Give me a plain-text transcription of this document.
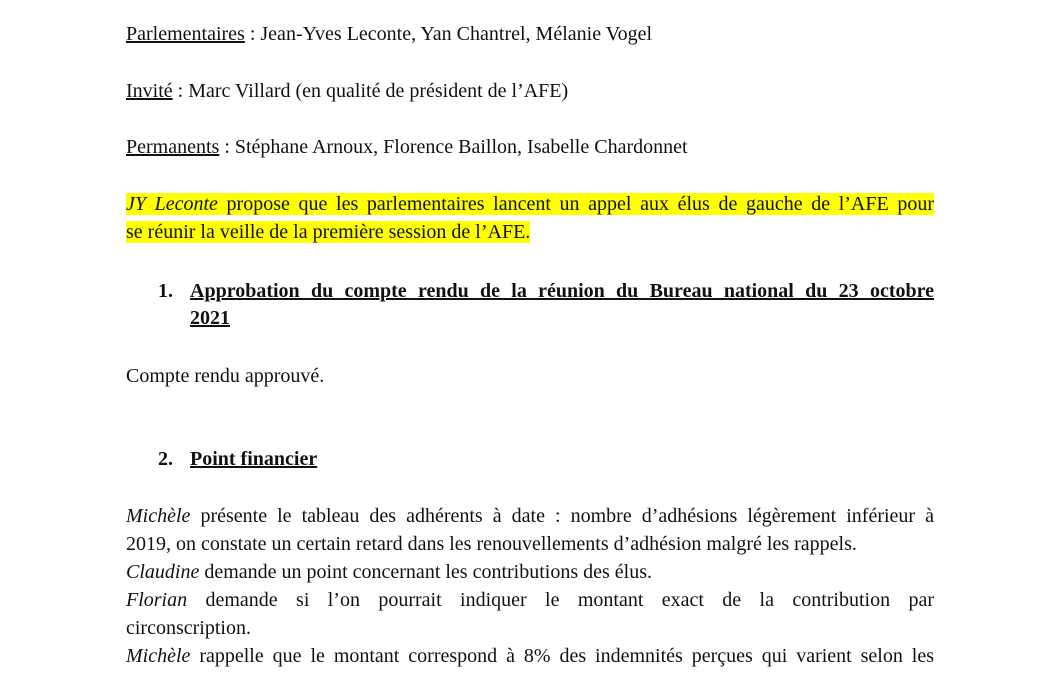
Parlementaires : Jean-Yves Leconte, Yan Chantrel, Mélanie Vogel
Invité : Marc Villard (en qualité de président de l’AFE)
Permanents : Stéphane Arnoux, Florence Baillon, Isabelle Chardonnet
JY Leconte propose que les parlementaires lancent un appel aux élus de gauche de l’AFE pour
se réunir la veille de la première session de l’AFE.
1. Approbation du compte rendu de la réunion du Bureau national du 23 octobre
2021
Compte rendu approuvé.
2. Point financier
Michèle présente le tableau des adhérents à date : nombre d’adhésions légèrement inférieur à
2019, on constate un certain retard dans les renouvellements d’adhésion malgré les rappels.
Claudine demande un point concernant les contributions des élus.
Florian demande si l’on pourrait indiquer le montant exact de la contribution par
circonscription.
Michèle rappelle que le montant correspond à 8% des indemnités perçues qui varient selon les
